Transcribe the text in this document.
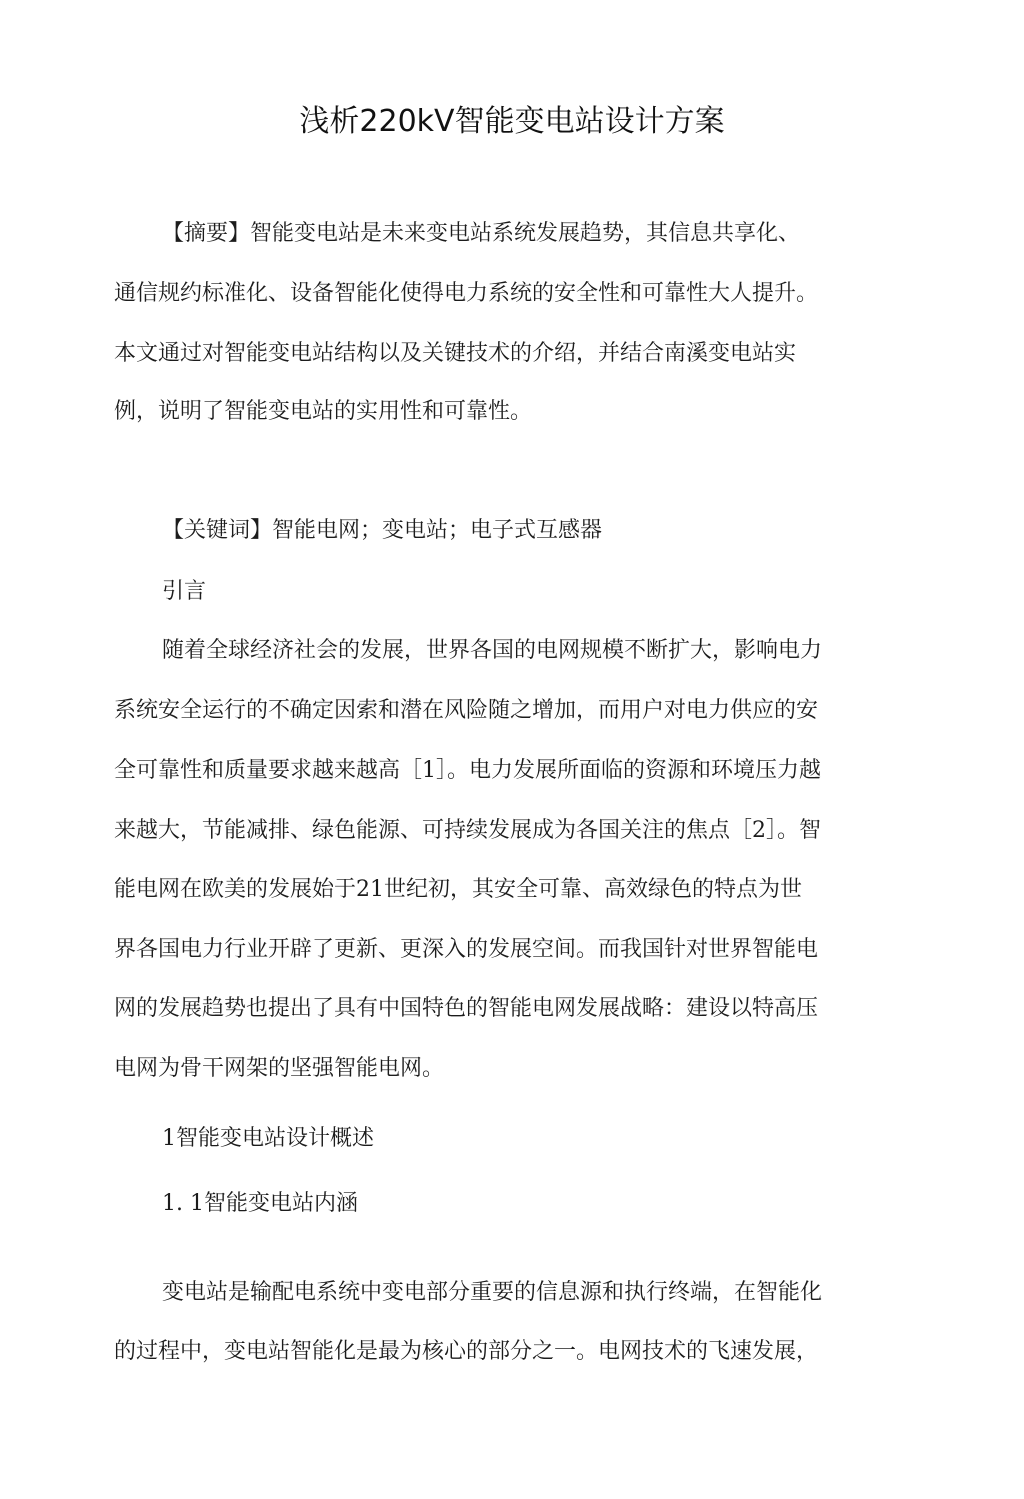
浅析220kV智能变电站设计方案

【摘要】智能变电站是未来变电站系统发展趋势，其信息共享化、

通信规约标准化、设备智能化使得电力系统的安全性和可靠性大人提升。

本文通过对智能变电站结构以及关键技术的介绍，并结合南溪变电站实

例，说明了智能变电站的实用性和可靠性。

【关键词】智能电网；变电站；电子式互感器

引言

随着全球经济社会的发展，世界各国的电网规模不断扩大，影响电力

系统安全运行的不确定因索和潜在风险随之增加，而用户对电力供应的安

全可靠性和质量要求越来越高［1］。电力发展所面临的资源和环境压力越

来越大，节能减排、绿色能源、可持续发展成为各国关注的焦点［2］。智

能电网在欧美的发展始于21世纪初，其安全可靠、高效绿色的特点为世

界各国电力行业开辟了更新、更深入的发展空间。而我国针对世界智能电

网的发展趋势也提出了具有中国特色的智能电网发展战略：建设以特高压

电网为骨干网架的坚强智能电网。

1智能变电站设计概述

1. 1智能变电站内涵

变电站是输配电系统中变电部分重要的信息源和执行终端，在智能化

的过程中，变电站智能化是最为核心的部分之一。电网技术的飞速发展，
